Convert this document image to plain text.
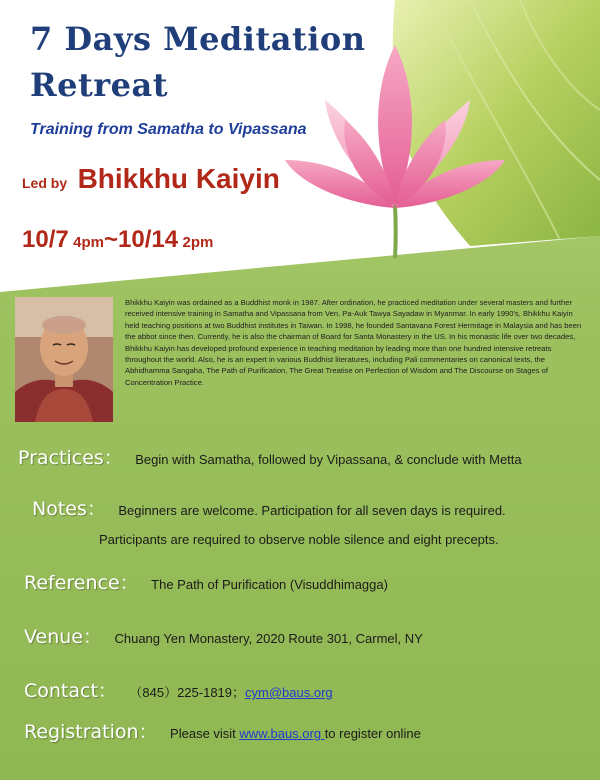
7 Days Meditation Retreat
Training from Samatha to Vipassana
Led by Bhikkhu Kaiyin
10/7 4pm~10/14 2pm

Bhikkhu Kaiyin was ordained as a Buddhist monk in 1987. After ordination, he practiced meditation under several masters and further received intensive training in Samatha and Vipassana from Ven. Pa-Auk Tawya Sayadaw in Myanmar. In early 1990's, Bhikkhu Kaiyin held teaching positions at two Buddhist institutes in Taiwan. In 1998, he founded Santavana Forest Hermitage in Malaysia and has been the abbot since then. Currently, he is also the chairman of Board for Santa Monastery in the US. In his monastic life over two decades, Bhikkhu Kaiyin has developed profound experience in teaching meditation by leading more than one hundred intensive retreats throughout the world. Also, he is an expert in various Buddhist literatures, including Pali commentaries on canonical texts, the Abhidhamma Sangaha, The Path of Purification, The Great Treatise on Perfection of Wisdom and The Discourse on Stages of Concentration Practice.

Practices： Begin with Samatha, followed by Vipassana, & conclude with Metta
Notes： Beginners are welcome. Participation for all seven days is required.
Participants are required to observe noble silence and eight precepts.
Reference： The Path of Purification (Visuddhimagga)
Venue： Chuang Yen Monastery, 2020 Route 301, Carmel, NY
Contact： （845）225-1819；cym@baus.org
Registration： Please visit www.baus.org to register online
